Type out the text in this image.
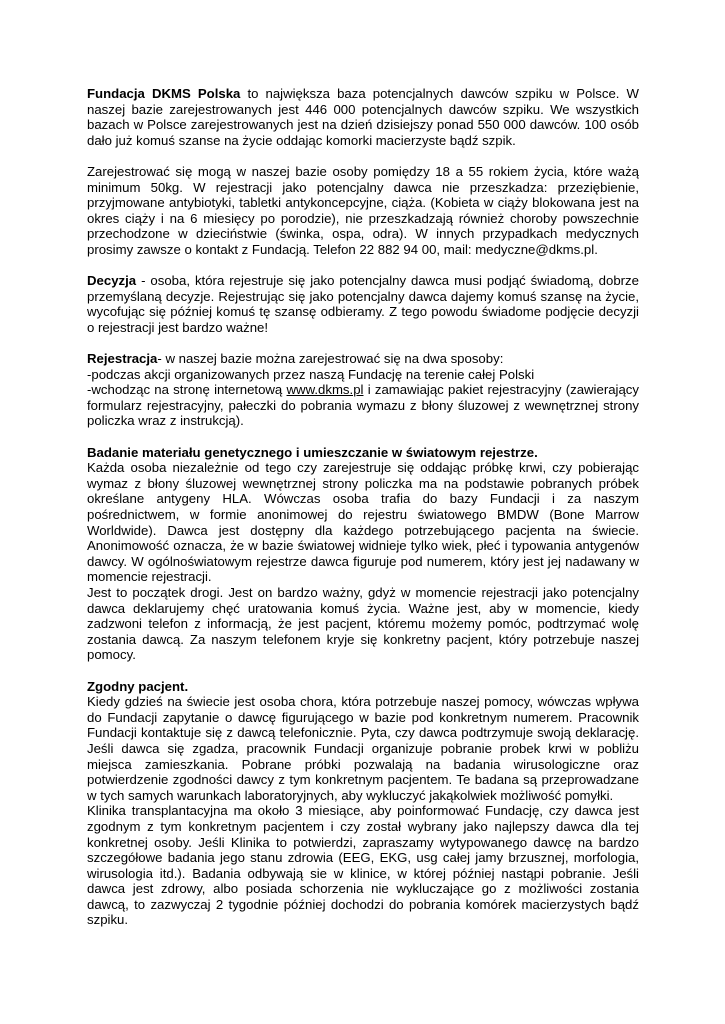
Fundacja DKMS Polska to największa baza potencjalnych dawców szpiku w Polsce. W naszej bazie zarejestrowanych jest 446 000 potencjalnych dawców szpiku. We wszystkich bazach w Polsce zarejestrowanych jest na dzień dzisiejszy ponad 550 000 dawców. 100 osób dało już komuś szanse na życie oddając komorki macierzyste bądź szpik.

Zarejestrować się mogą w naszej bazie osoby pomiędzy 18 a 55 rokiem życia, które ważą minimum 50kg. W rejestracji jako potencjalny dawca nie przeszkadza: przeziębienie, przyjmowane antybiotyki, tabletki antykoncepcyjne, ciąża. (Kobieta w ciąży blokowana jest na okres ciąży i na 6 miesięcy po porodzie), nie przeszkadzają również choroby powszechnie przechodzone w dzieciństwie (świnka, ospa, odra). W innych przypadkach medycznych prosimy zawsze o kontakt z Fundacją. Telefon 22 882 94 00, mail: medyczne@dkms.pl.

Decyzja - osoba, która rejestruje się jako potencjalny dawca musi podjąć świadomą, dobrze przemyślaną decyzje. Rejestrując się jako potencjalny dawca dajemy komuś szansę na życie, wycofując się później komuś tę szansę odbieramy. Z tego powodu świadome podjęcie decyzji o rejestracji jest bardzo ważne!

Rejestracja- w naszej bazie można zarejestrować się na dwa sposoby:
-podczas akcji organizowanych przez naszą Fundację na terenie całej Polski
-wchodząc na stronę internetową www.dkms.pl i zamawiając pakiet rejestracyjny (zawierający formularz rejestracyjny, pałeczki do pobrania wymazu z błony śluzowej z wewnętrznej strony policzka wraz z instrukcją).

Badanie materiału genetycznego i umieszczanie w światowym rejestrze.
Każda osoba niezależnie od tego czy zarejestruje się oddając próbkę krwi, czy pobierając wymaz z błony śluzowej wewnętrznej strony policzka ma na podstawie pobranych próbek określane antygeny HLA. Wówczas osoba trafia do bazy Fundacji i za naszym pośrednictwem, w formie anonimowej do rejestru światowego BMDW (Bone Marrow Worldwide). Dawca jest dostępny dla każdego potrzebującego pacjenta na świecie. Anonimowość oznacza, że w bazie światowej widnieje tylko wiek, płeć i typowania antygenów dawcy. W ogólnoświatowym rejestrze dawca figuruje pod numerem, który jest jej nadawany w momencie rejestracji.
Jest to początek drogi. Jest on bardzo ważny, gdyż w momencie rejestracji jako potencjalny dawca deklarujemy chęć uratowania komuś życia. Ważne jest, aby w momencie, kiedy zadzwoni telefon z informacją, że jest pacjent, któremu możemy pomóc, podtrzymać wolę zostania dawcą. Za naszym telefonem kryje się konkretny pacjent, który potrzebuje naszej pomocy.
Zgodny pacjent.
Kiedy gdzieś na świecie jest osoba chora, która potrzebuje naszej pomocy, wówczas wpływa do Fundacji zapytanie o dawcę figurującego w bazie pod konkretnym numerem. Pracownik Fundacji kontaktuje się z dawcą telefonicznie. Pyta, czy dawca podtrzymuje swoją deklarację. Jeśli dawca się zgadza, pracownik Fundacji organizuje pobranie probek krwi w pobliżu miejsca zamieszkania. Pobrane próbki pozwalają na badania wirusologiczne oraz potwierdzenie zgodności dawcy z tym konkretnym pacjentem. Te badana są przeprowadzane w tych samych warunkach laboratoryjnych, aby wykluczyć jakąkolwiek możliwość pomyłki.
Klinika transplantacyjna ma około 3 miesiące, aby poinformować Fundację, czy dawca jest zgodnym z tym konkretnym pacjentem i czy został wybrany jako najlepszy dawca dla tej konkretnej osoby. Jeśli Klinika to potwierdzi, zapraszamy wytypowanego dawcę na bardzo szczegółowe badania jego stanu zdrowia (EEG, EKG, usg całej jamy brzusznej, morfologia, wirusologia itd.). Badania odbywają sie w klinice, w której później nastąpi pobranie. Jeśli dawca jest zdrowy, albo posiada schorzenia nie wykluczające go z możliwości zostania dawcą, to zazwyczaj 2 tygodnie później dochodzi do pobrania komórek macierzystych bądź szpiku.
